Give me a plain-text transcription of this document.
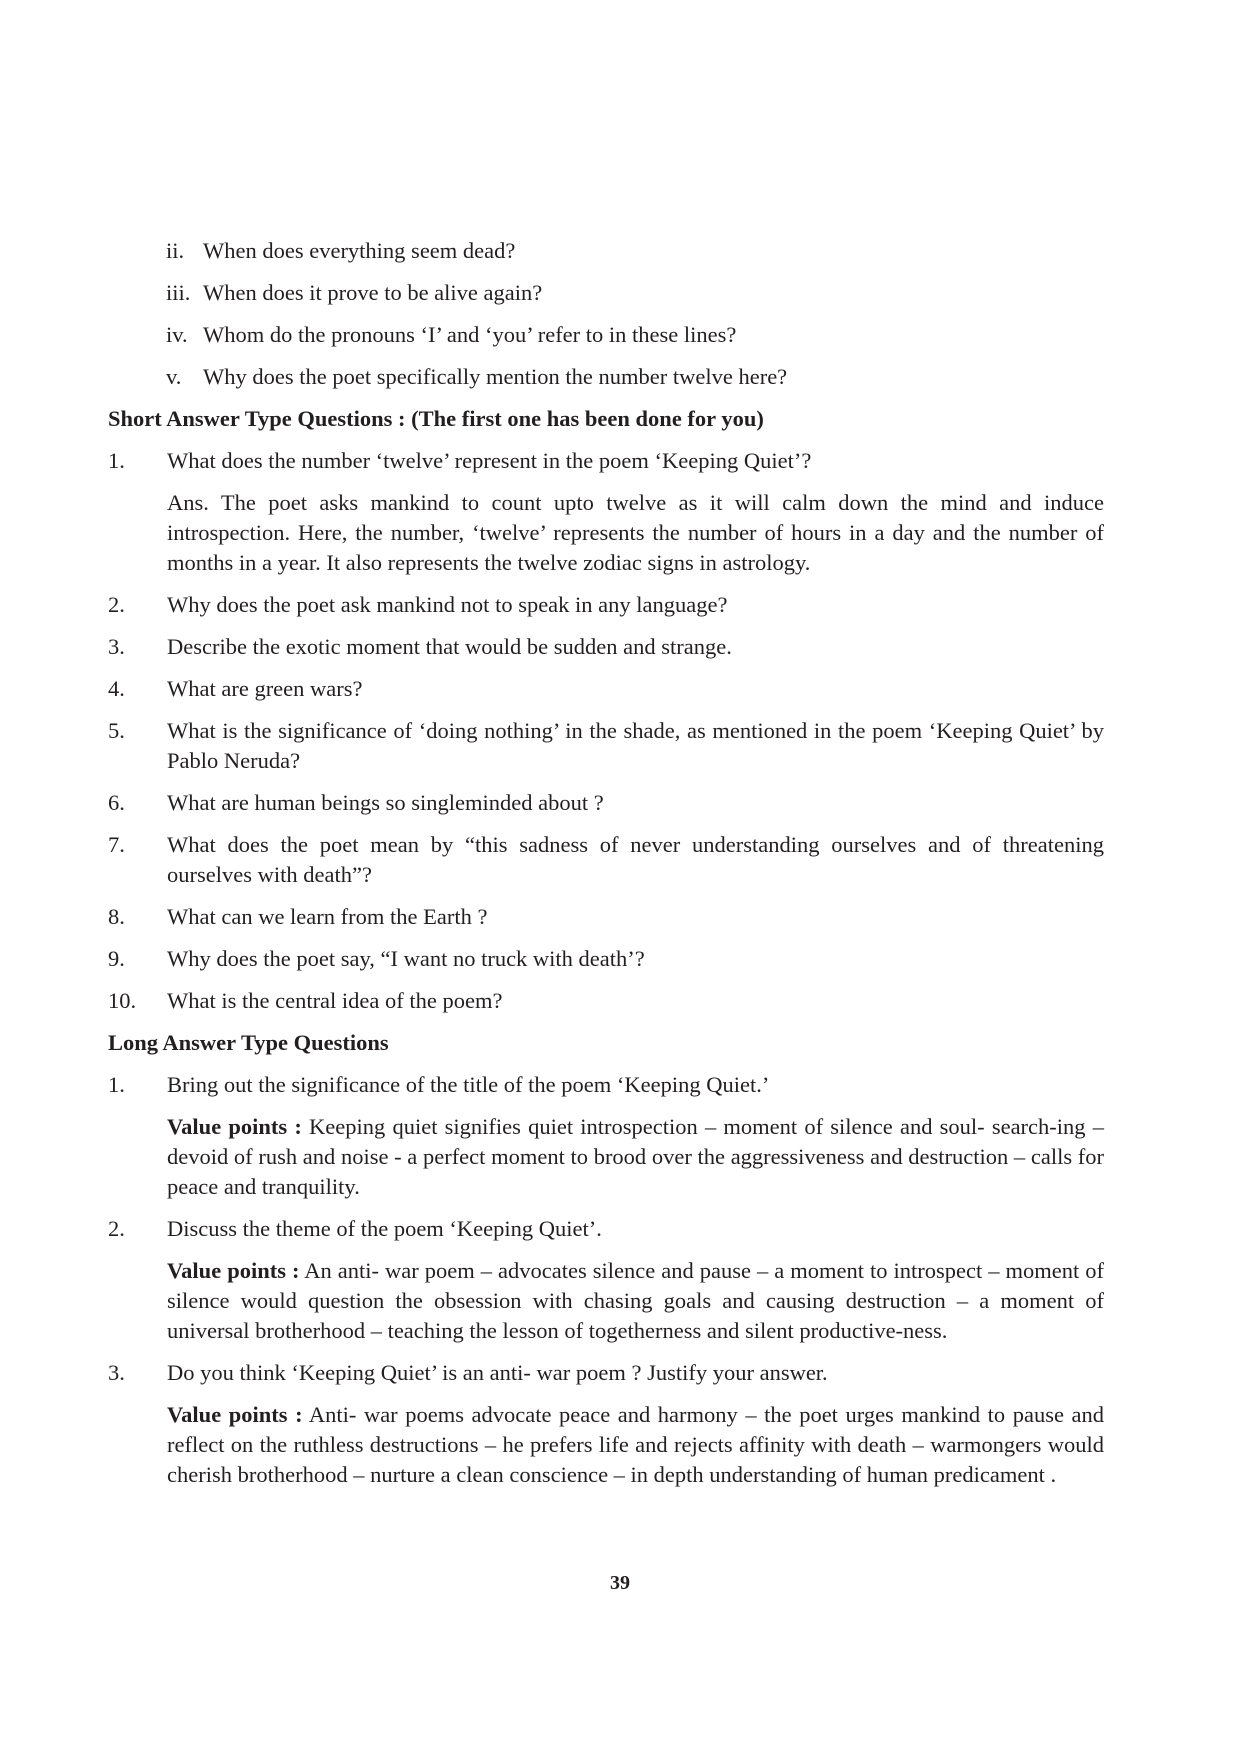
ii. When does everything seem dead?
iii. When does it prove to be alive again?
iv. Whom do the pronouns ‘I’ and ‘you’ refer to in these lines?
v. Why does the poet specifically mention the number twelve here?
Short Answer Type Questions : (The first one has been done for you)
1.	What does the number ‘twelve’ represent in the poem ‘Keeping Quiet’?
Ans. The poet asks mankind to count upto twelve as it will calm down the mind and induce introspection. Here, the number, ‘twelve’ represents the number of hours in a day and the number of months in a year. It also represents the twelve zodiac signs in astrology.
2.	Why does the poet ask mankind not to speak in any language?
3.	Describe the exotic moment that would be sudden and strange.
4.	What are green wars?
5.	What is the significance of ‘doing nothing’ in the shade, as mentioned in the poem ‘Keeping Quiet’ by Pablo Neruda?
6.	What are human beings so singleminded about ?
7.	What does the poet mean by “this sadness of never understanding ourselves and of threatening ourselves with death”?
8.	What can we learn from the Earth ?
9.	Why does the poet say, “I want no truck with death’?
10.	What is the central idea of the poem?
Long Answer Type Questions
1.	Bring out the significance of the title of the poem ‘Keeping Quiet.’
Value points : Keeping quiet signifies quiet introspection – moment of silence and soul- search-ing – devoid of rush and noise - a perfect moment to brood over the aggressiveness and destruction – calls for peace and tranquility.
2.	Discuss the theme of the poem ‘Keeping Quiet’.
Value points : An anti- war poem – advocates silence and pause – a moment to introspect – moment of silence would question the obsession with chasing goals and causing destruction – a moment of universal brotherhood – teaching the lesson of togetherness and silent productive-ness.
3.	Do you think ‘Keeping Quiet’ is an anti- war poem ? Justify your answer.
Value points : Anti- war poems advocate peace and harmony – the poet urges mankind to pause and reflect on the ruthless destructions – he prefers life and rejects affinity with death – warmongers would cherish brotherhood – nurture a clean conscience – in depth understanding of human predicament .
39
